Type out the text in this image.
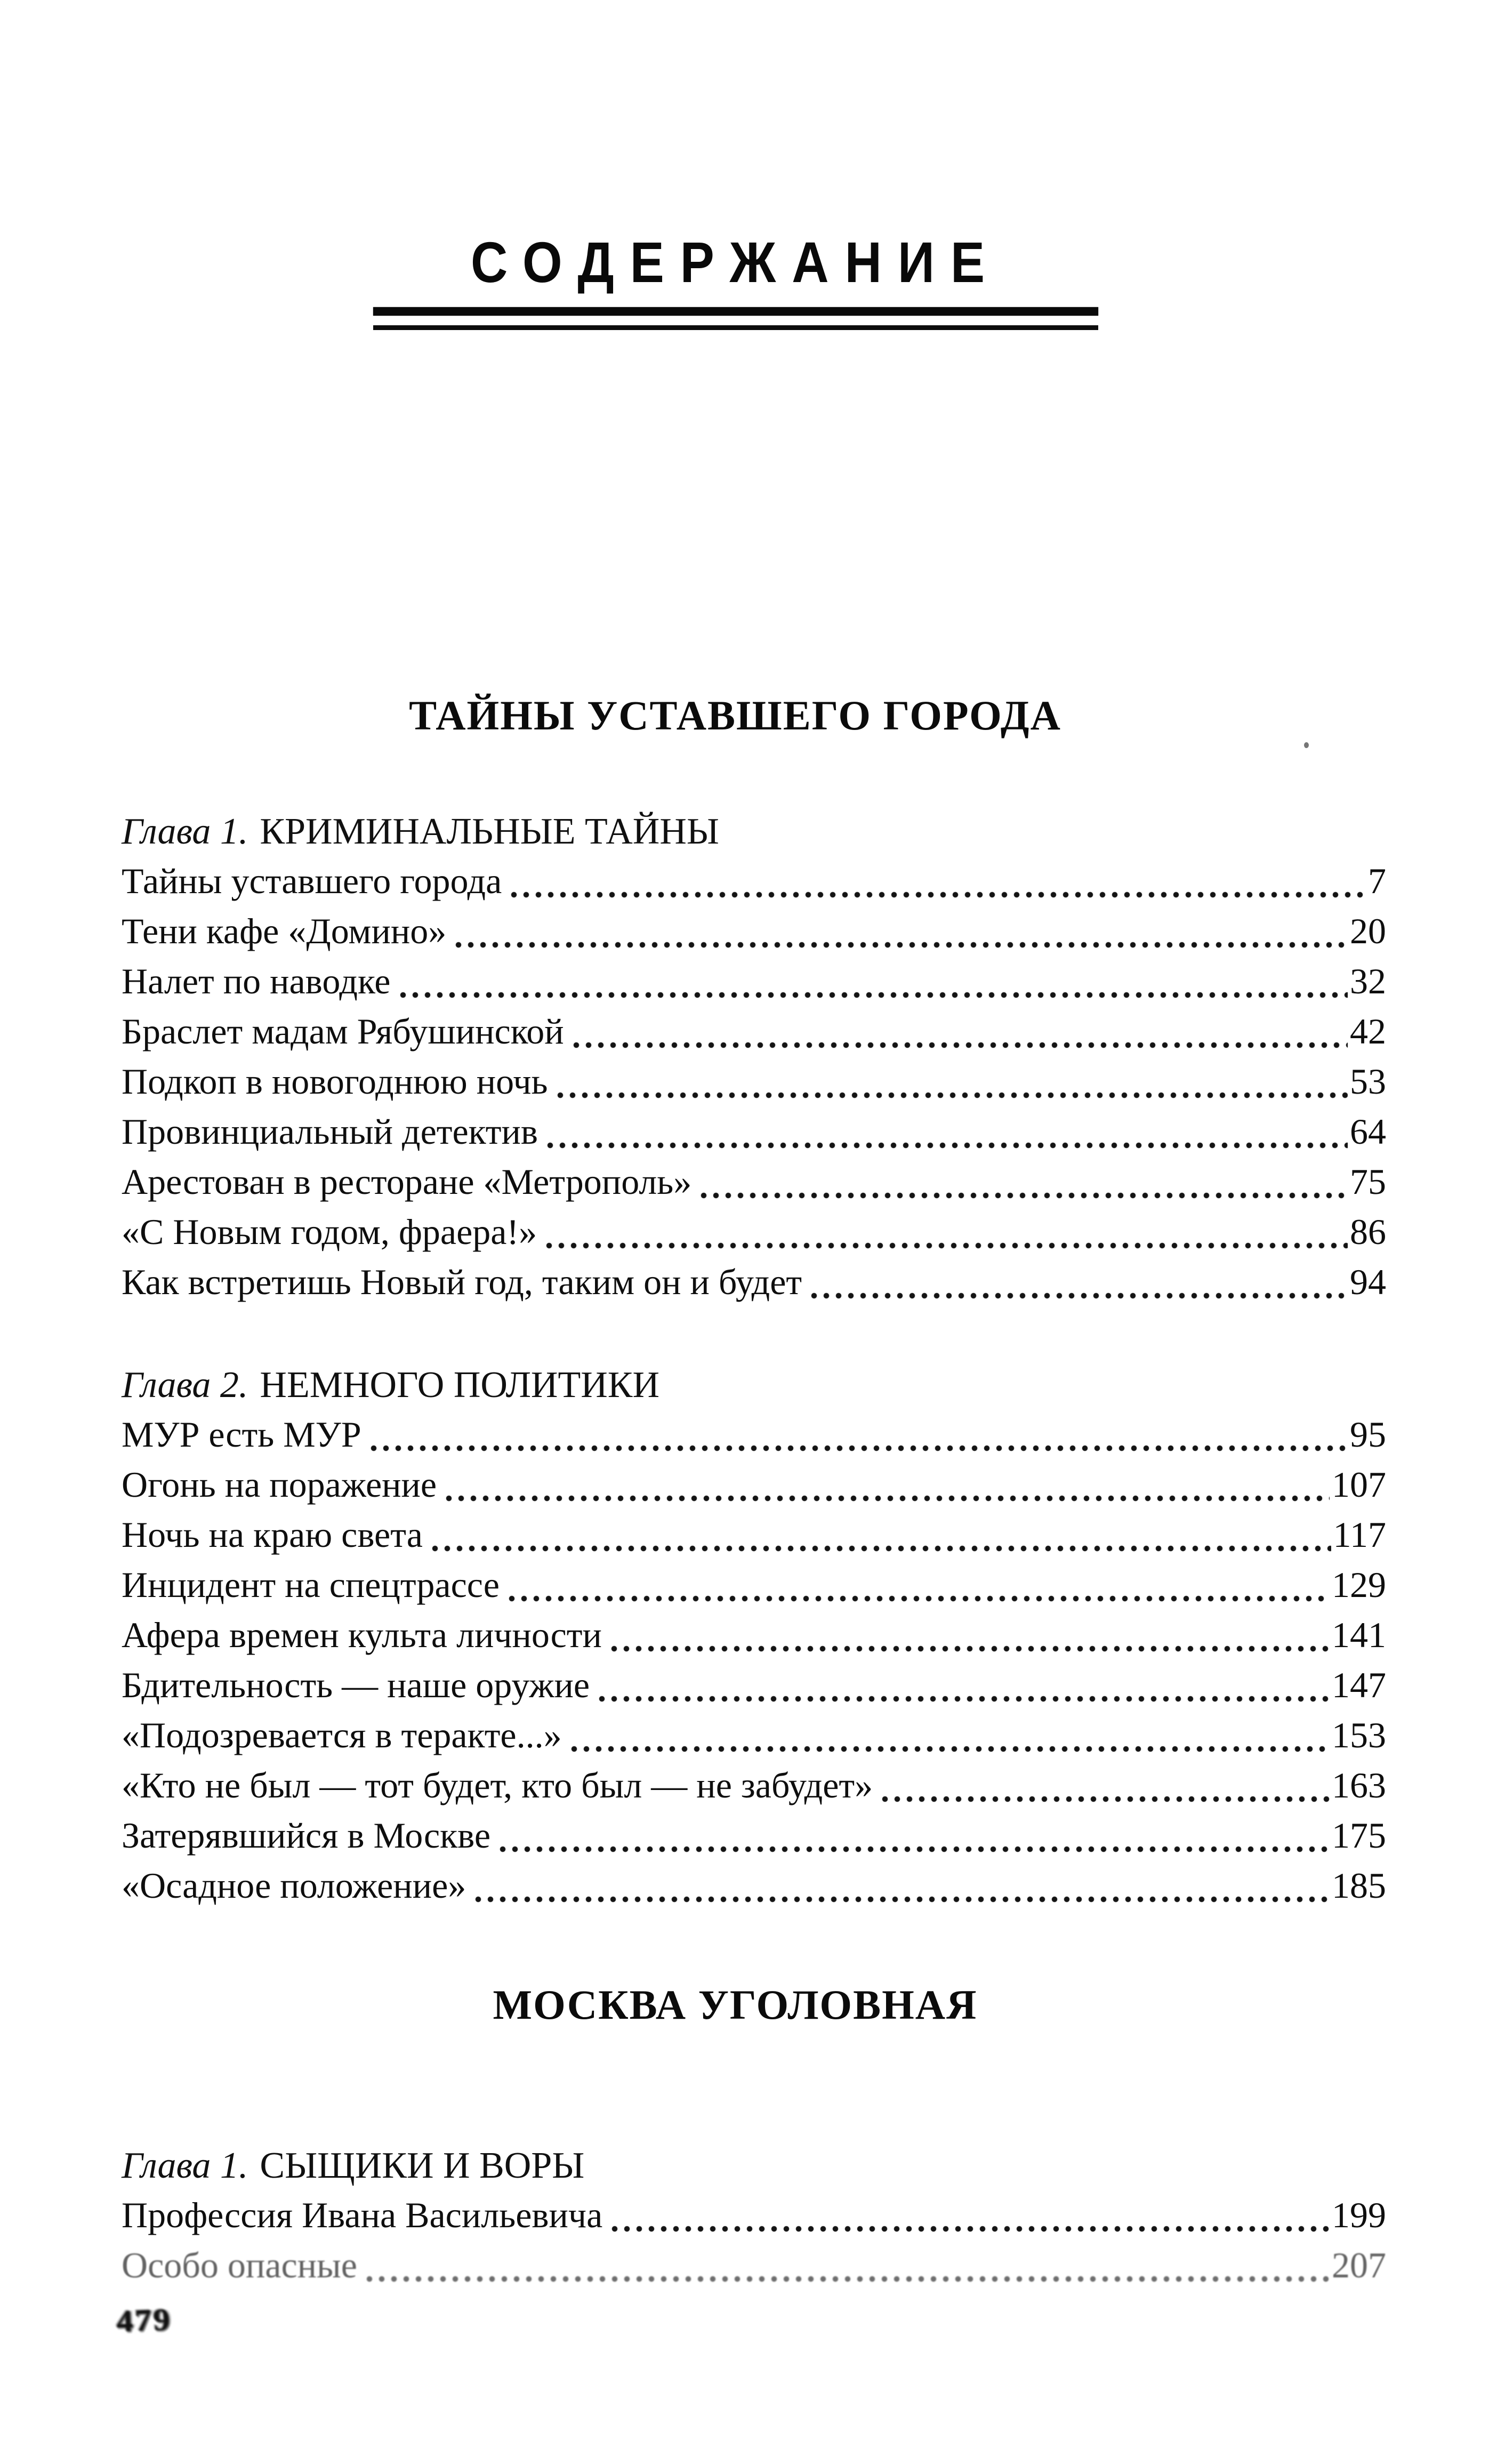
СОДЕРЖАНИЕ
ТАЙНЫ УСТАВШЕГО ГОРОДА
Глава 1. КРИМИНАЛЬНЫЕ ТАЙНЫ
Тайны уставшего города	7
Тени кафе «Домино»	20
Налет по наводке	32
Браслет мадам Рябушинской	42
Подкоп в новогоднюю ночь	53
Провинциальный детектив	64
Арестован в ресторане «Метрополь»	75
«С Новым годом, фраера!»	86
Как встретишь Новый год, таким он и будет	94
Глава 2. НЕМНОГО ПОЛИТИКИ
МУР есть МУР	95
Огонь на поражение	107
Ночь на краю света	117
Инцидент на спецтрассе	129
Афера времен культа личности	141
Бдительность — наше оружие	147
«Подозревается в теракте...»	153
«Кто не был — тот будет, кто был — не забудет»	163
Затерявшийся в Москве	175
«Осадное положение»	185
МОСКВА УГОЛОВНАЯ
Глава 1. СЫЩИКИ И ВОРЫ
Профессия Ивана Васильевича	199
Особо опасные	207
479
